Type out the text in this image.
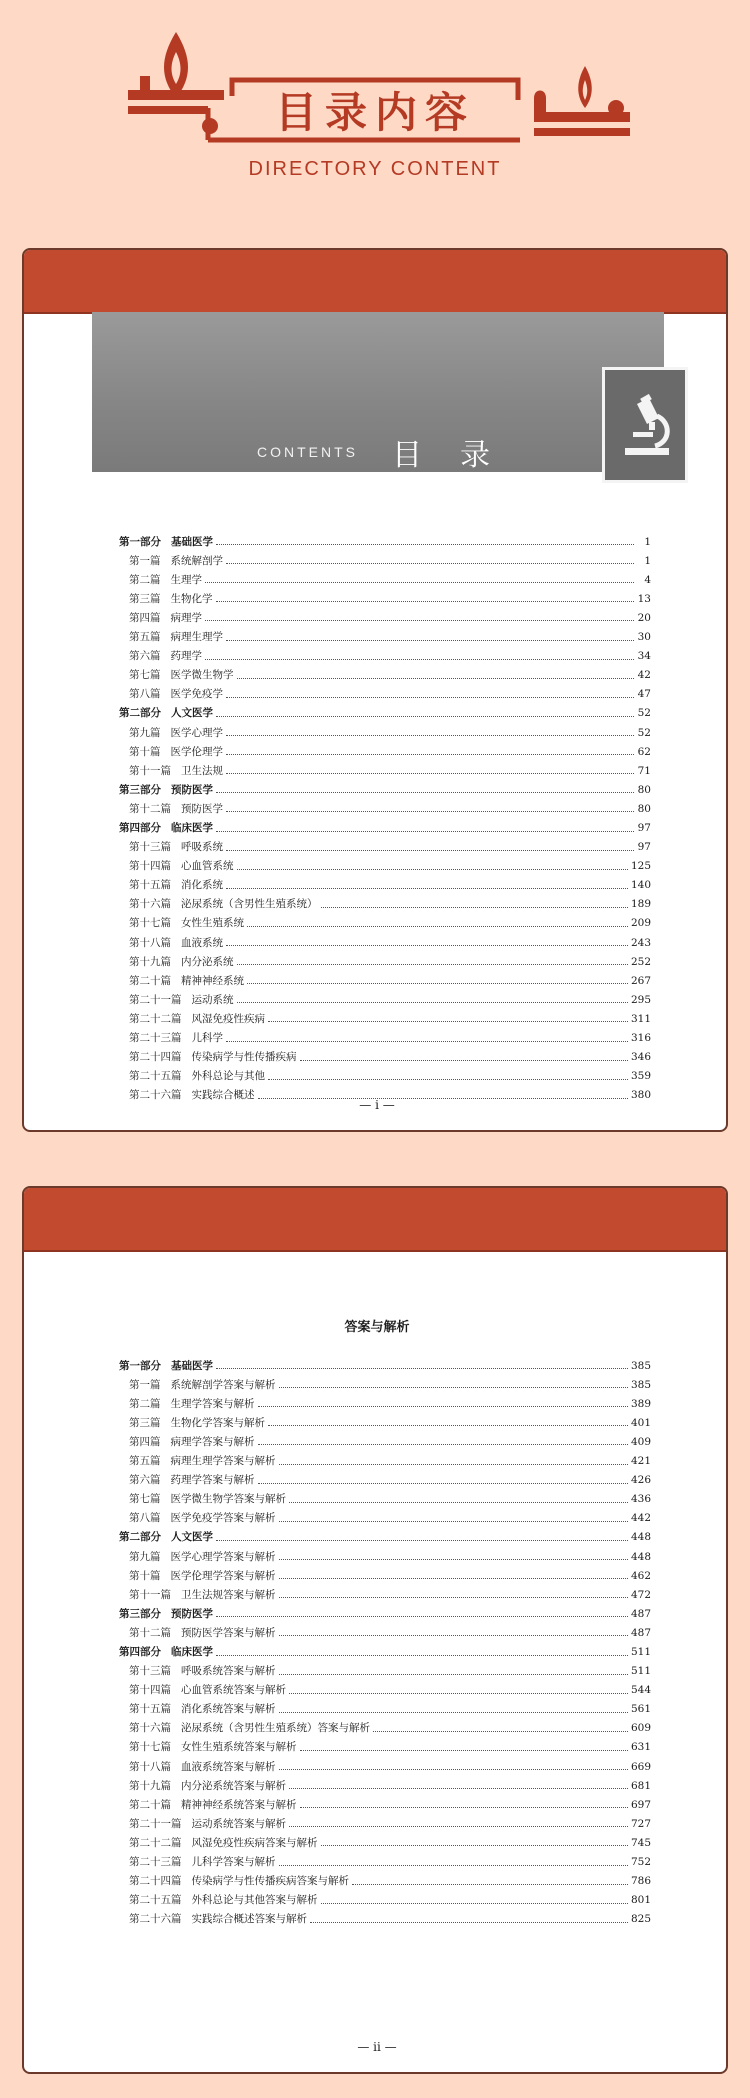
目录内容
DIRECTORY CONTENT
CONTENTS 目录
第一部分 基础医学	1
第一篇 系统解剖学	1
第二篇 生理学	4
第三篇 生物化学	13
第四篇 病理学	20
第五篇 病理生理学	30
第六篇 药理学	34
第七篇 医学微生物学	42
第八篇 医学免疫学	47
第二部分 人文医学	52
第九篇 医学心理学	52
第十篇 医学伦理学	62
第十一篇 卫生法规	71
第三部分 预防医学	80
第十二篇 预防医学	80
第四部分 临床医学	97
第十三篇 呼吸系统	97
第十四篇 心血管系统	125
第十五篇 消化系统	140
第十六篇 泌尿系统（含男性生殖系统）	189
第十七篇 女性生殖系统	209
第十八篇 血液系统	243
第十九篇 内分泌系统	252
第二十篇 精神神经系统	267
第二十一篇 运动系统	295
第二十二篇 风湿免疫性疾病	311
第二十三篇 儿科学	316
第二十四篇 传染病学与性传播疾病	346
第二十五篇 外科总论与其他	359
第二十六篇 实践综合概述	380
— i —
答案与解析
第一部分 基础医学	385
第一篇 系统解剖学答案与解析	385
第二篇 生理学答案与解析	389
第三篇 生物化学答案与解析	401
第四篇 病理学答案与解析	409
第五篇 病理生理学答案与解析	421
第六篇 药理学答案与解析	426
第七篇 医学微生物学答案与解析	436
第八篇 医学免疫学答案与解析	442
第二部分 人文医学	448
第九篇 医学心理学答案与解析	448
第十篇 医学伦理学答案与解析	462
第十一篇 卫生法规答案与解析	472
第三部分 预防医学	487
第十二篇 预防医学答案与解析	487
第四部分 临床医学	511
第十三篇 呼吸系统答案与解析	511
第十四篇 心血管系统答案与解析	544
第十五篇 消化系统答案与解析	561
第十六篇 泌尿系统（含男性生殖系统）答案与解析	609
第十七篇 女性生殖系统答案与解析	631
第十八篇 血液系统答案与解析	669
第十九篇 内分泌系统答案与解析	681
第二十篇 精神神经系统答案与解析	697
第二十一篇 运动系统答案与解析	727
第二十二篇 风湿免疫性疾病答案与解析	745
第二十三篇 儿科学答案与解析	752
第二十四篇 传染病学与性传播疾病答案与解析	786
第二十五篇 外科总论与其他答案与解析	801
第二十六篇 实践综合概述答案与解析	825
— ii —
